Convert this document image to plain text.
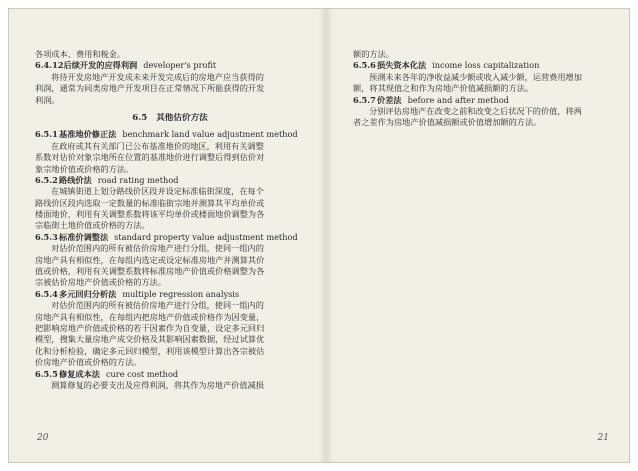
各项成本、费用和税金。
6.4.12后续开发的应得利润 developer's profit
将待开发房地产开发成未来开发完成后的房地产应当获得的
利润，通常为同类房地产开发项目在正常情况下所能获得的开发
利润。
6.5 其他估价方法
6.5.1基准地价修正法 benchmark land value adjustment method
在政府或其有关部门已公布基准地价的地区，利用有关调整
系数对估价对象宗地所在位置的基准地价进行调整后得到估价对
象宗地价值或价格的方法。
6.5.2路线价法 road rating method
在城镇街道上划分路线价区段并设定标准临街深度，在每个
路线价区段内选取一定数量的标准临街宗地并测算其平均单价或
楼面地价，利用有关调整系数将该平均单价或楼面地价调整为各
宗临街土地价值或价格的方法。
6.5.3标准价调整法 standard property value adjustment method
对估价范围内的所有被估价房地产进行分组，使同一组内的
房地产具有相似性，在每组内选定或设定标准房地产并测算其价
值或价格，利用有关调整系数将标准房地产价值或价格调整为各
宗被估价房地产价值或价格的方法。
6.5.4多元回归分析法 multiple regression analysis
对估价范围内的所有被估价房地产进行分组，使同一组内的
房地产具有相似性，在每组内把房地产价值或价格作为因变量，
把影响房地产价值或价格的若干因素作为自变量，设定多元回归
模型，搜集大量房地产成交价格及其影响因素数据，经过试算优
化和分析检验，确定多元回归模型，利用该模型计算出各宗被估
价房地产价值或价格的方法。
6.5.5修复成本法 cure cost method
测算修复的必要支出及应得利润，将其作为房地产价值减损
20
额的方法。
6.5.6损失资本化法 income loss capitalization
预测未来各年的净收益减少额或收入减少额，运营费用增加
额，将其现值之和作为房地产价值减损额的方法。
6.5.7价差法 before and after method
分别评估房地产在改变之前和改变之后状况下的价值，将两
者之差作为房地产价值减损额或价值增加额的方法。
21
